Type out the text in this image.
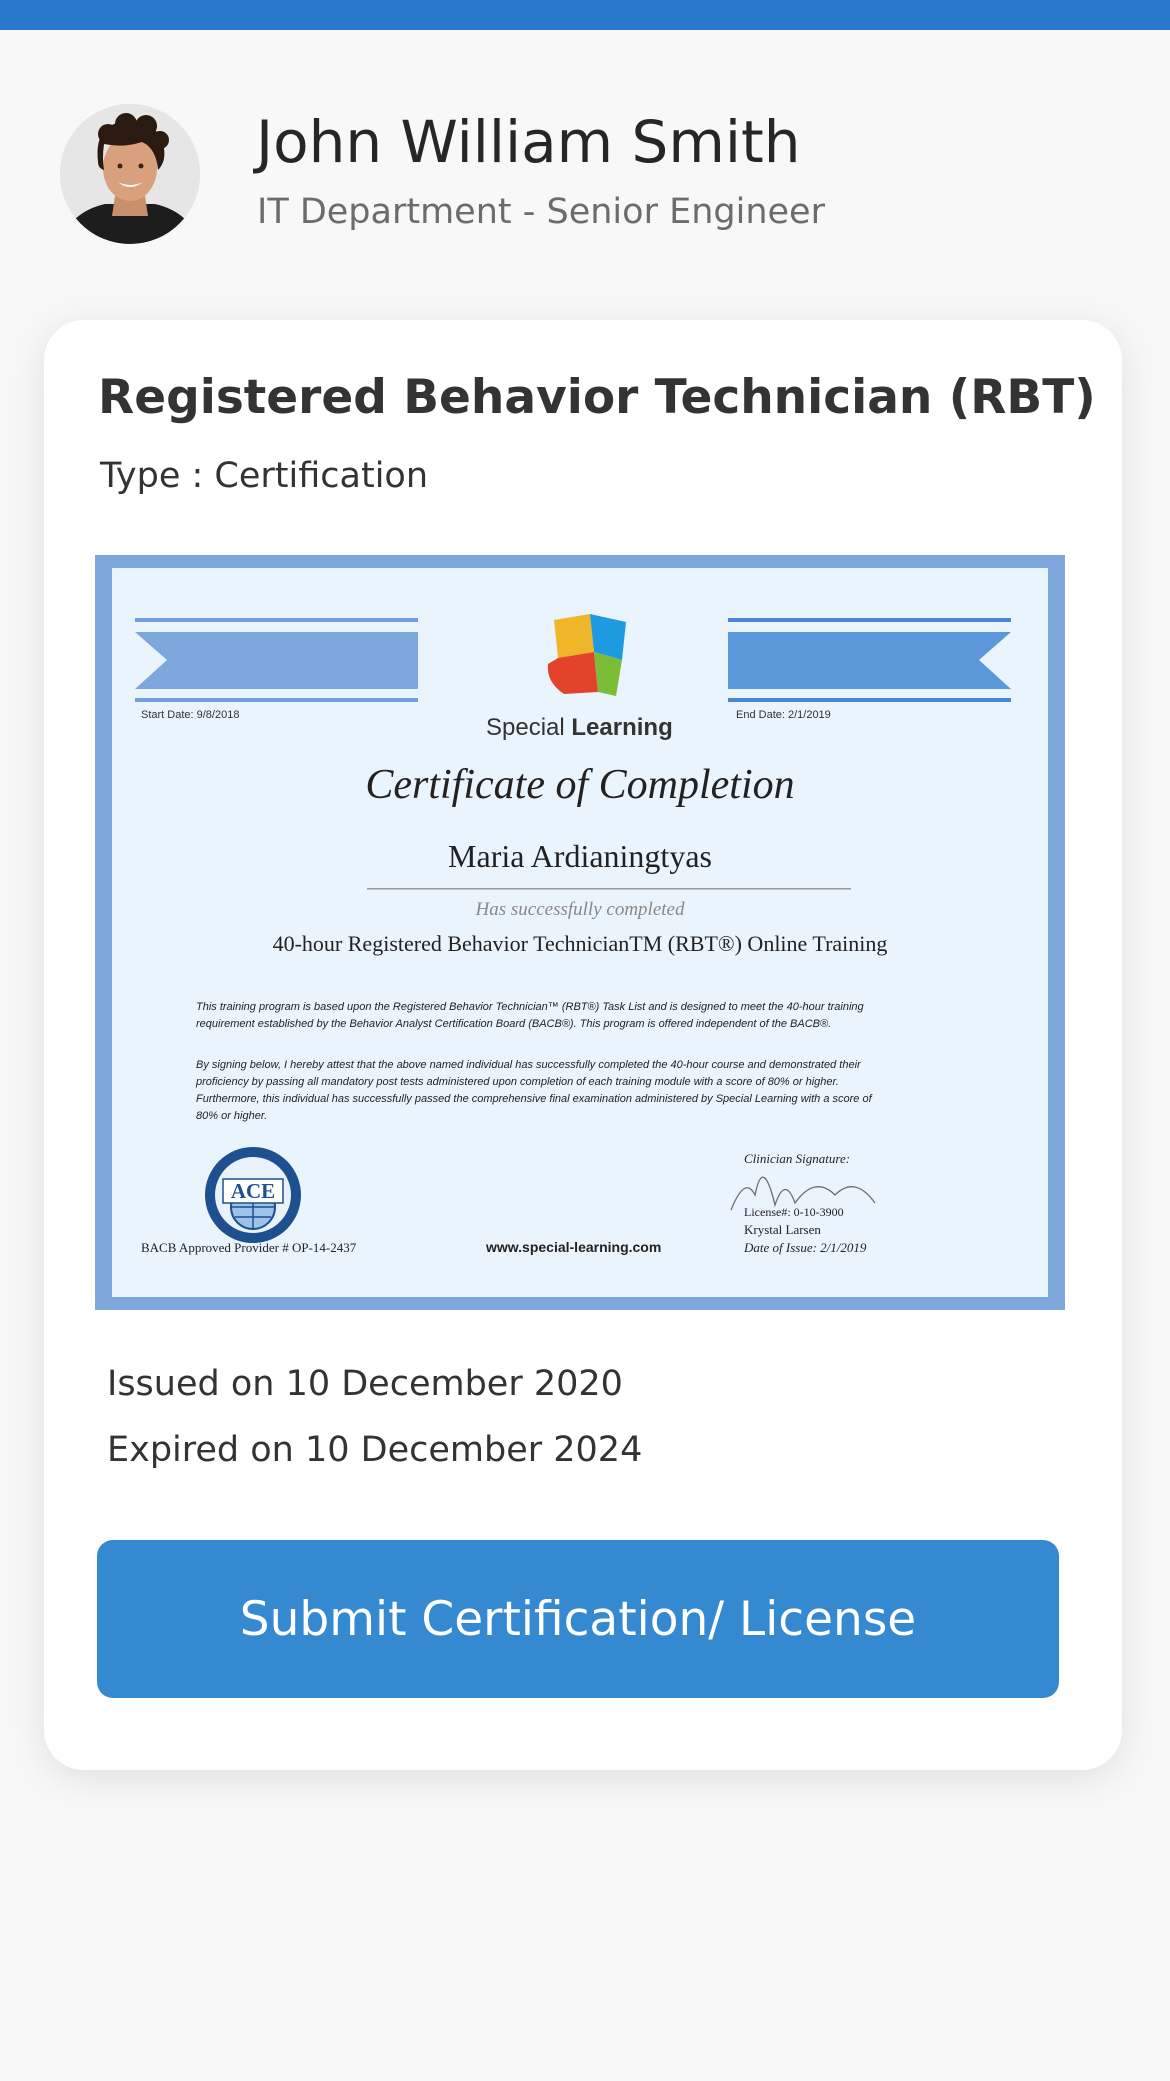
John William Smith
IT Department - Senior Engineer
Registered Behavior Technician (RBT)
Type : Certification
Start Date: 9/8/2018	End Date: 2/1/2019
Special Learning
Certificate of Completion
Maria Ardianingtyas
Has successfully completed
40-hour Registered Behavior TechnicianTM (RBT®) Online Training
This training program is based upon the Registered Behavior Technician™ (RBT®) Task List and is designed to meet the 40-hour training
requirement established by the Behavior Analyst Certification Board (BACB®). This program is offered independent of the BACB®.
By signing below, I hereby attest that the above named individual has successfully completed the 40-hour course and demonstrated their
proficiency by passing all mandatory post tests administered upon completion of each training module with a score of 80% or higher.
Furthermore, this individual has successfully passed the comprehensive final examination administered by Special Learning with a score of
80% or higher.
ACE
BACB Approved Provider # OP-14-2437	www.special-learning.com
Clinician Signature:
License#: 0-10-3900
Krystal Larsen
Date of Issue: 2/1/2019
Issued on 10 December 2020
Expired on 10 December 2024
Submit Certification/ License
